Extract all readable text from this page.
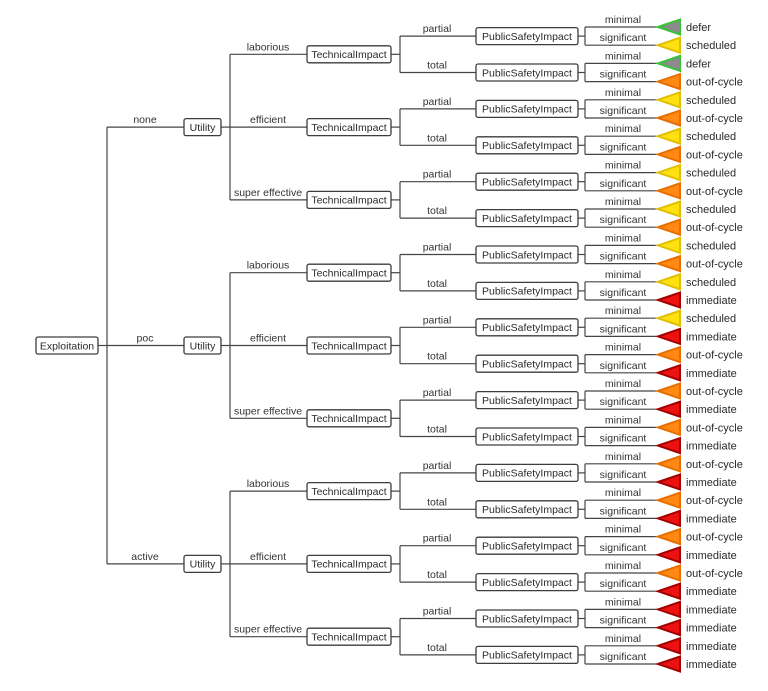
none
laborious
partial
minimal
defer
significant
scheduled
PublicSafetyImpact
total
minimal
defer
significant
out-of-cycle
PublicSafetyImpact
TechnicalImpact
efficient
partial
minimal
scheduled
significant
out-of-cycle
PublicSafetyImpact
total
minimal
scheduled
significant
out-of-cycle
PublicSafetyImpact
TechnicalImpact
super effective
partial
minimal
scheduled
significant
out-of-cycle
PublicSafetyImpact
total
minimal
scheduled
significant
out-of-cycle
PublicSafetyImpact
TechnicalImpact
Utility
poc
laborious
partial
minimal
scheduled
significant
out-of-cycle
PublicSafetyImpact
total
minimal
scheduled
significant
immediate
PublicSafetyImpact
TechnicalImpact
efficient
partial
minimal
scheduled
significant
immediate
PublicSafetyImpact
total
minimal
out-of-cycle
significant
immediate
PublicSafetyImpact
TechnicalImpact
super effective
partial
minimal
out-of-cycle
significant
immediate
PublicSafetyImpact
total
minimal
out-of-cycle
significant
immediate
PublicSafetyImpact
TechnicalImpact
Utility
active
laborious
partial
minimal
out-of-cycle
significant
immediate
PublicSafetyImpact
total
minimal
out-of-cycle
significant
immediate
PublicSafetyImpact
TechnicalImpact
efficient
partial
minimal
out-of-cycle
significant
immediate
PublicSafetyImpact
total
minimal
out-of-cycle
significant
immediate
PublicSafetyImpact
TechnicalImpact
super effective
partial
minimal
immediate
significant
immediate
PublicSafetyImpact
total
minimal
immediate
significant
immediate
PublicSafetyImpact
TechnicalImpact
Utility
Exploitation
